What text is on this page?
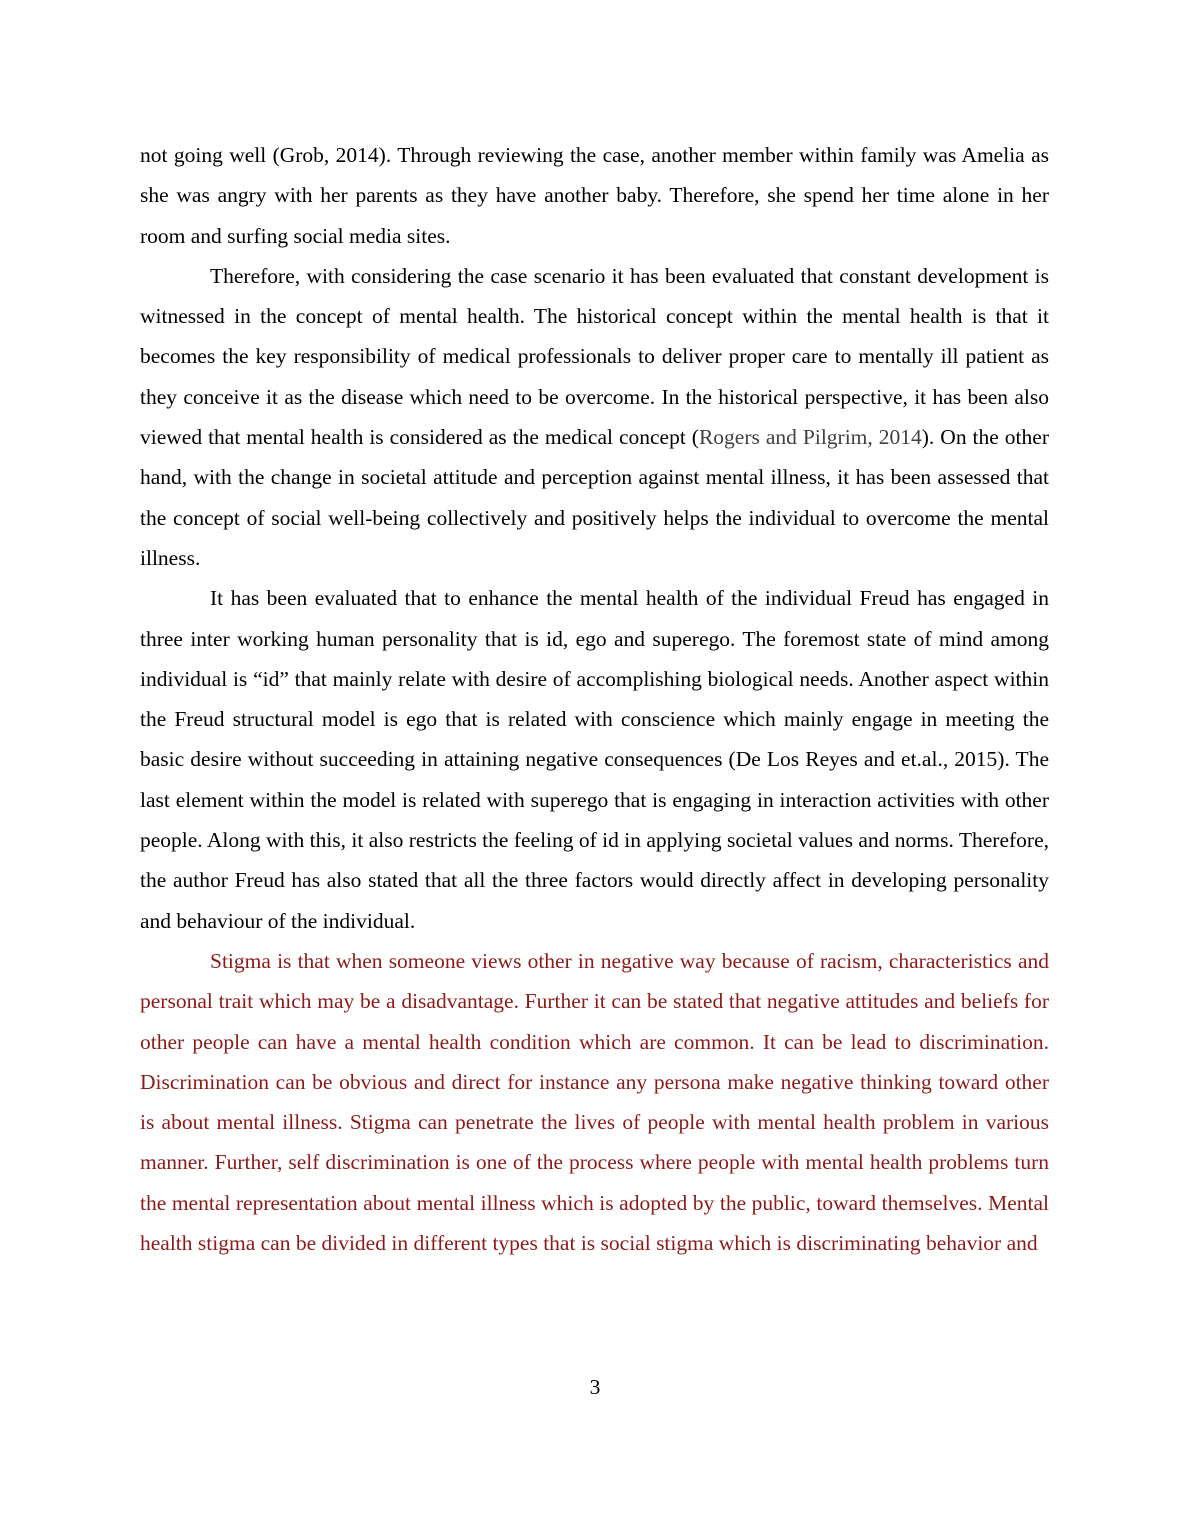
not going well (Grob, 2014). Through reviewing the case, another member within family was Amelia as she was angry with her parents as they have another baby. Therefore, she spend her time alone in her room and surfing social media sites.

Therefore, with considering the case scenario it has been evaluated that constant development is witnessed in the concept of mental health. The historical concept within the mental health is that it becomes the key responsibility of medical professionals to deliver proper care to mentally ill patient as they conceive it as the disease which need to be overcome. In the historical perspective, it has been also viewed that mental health is considered as the medical concept (Rogers and Pilgrim, 2014). On the other hand, with the change in societal attitude and perception against mental illness, it has been assessed that the concept of social well-being collectively and positively helps the individual to overcome the mental illness.

It has been evaluated that to enhance the mental health of the individual Freud has engaged in three inter working human personality that is id, ego and superego. The foremost state of mind among individual is “id” that mainly relate with desire of accomplishing biological needs. Another aspect within the Freud structural model is ego that is related with conscience which mainly engage in meeting the basic desire without succeeding in attaining negative consequences (De Los Reyes and et.al., 2015). The last element within the model is related with superego that is engaging in interaction activities with other people. Along with this, it also restricts the feeling of id in applying societal values and norms. Therefore, the author Freud has also stated that all the three factors would directly affect in developing personality and behaviour of the individual.

Stigma is that when someone views other in negative way because of racism, characteristics and personal trait which may be a disadvantage. Further it can be stated that negative attitudes and beliefs for other people can have a mental health condition which are common. It can be lead to discrimination. Discrimination can be obvious and direct for instance any persona make negative thinking toward other is about mental illness. Stigma can penetrate the lives of people with mental health problem in various manner. Further, self discrimination is one of the process where people with mental health problems turn the mental representation about mental illness which is adopted by the public, toward themselves. Mental health stigma can be divided in different types that is social stigma which is discriminating behavior and

3
